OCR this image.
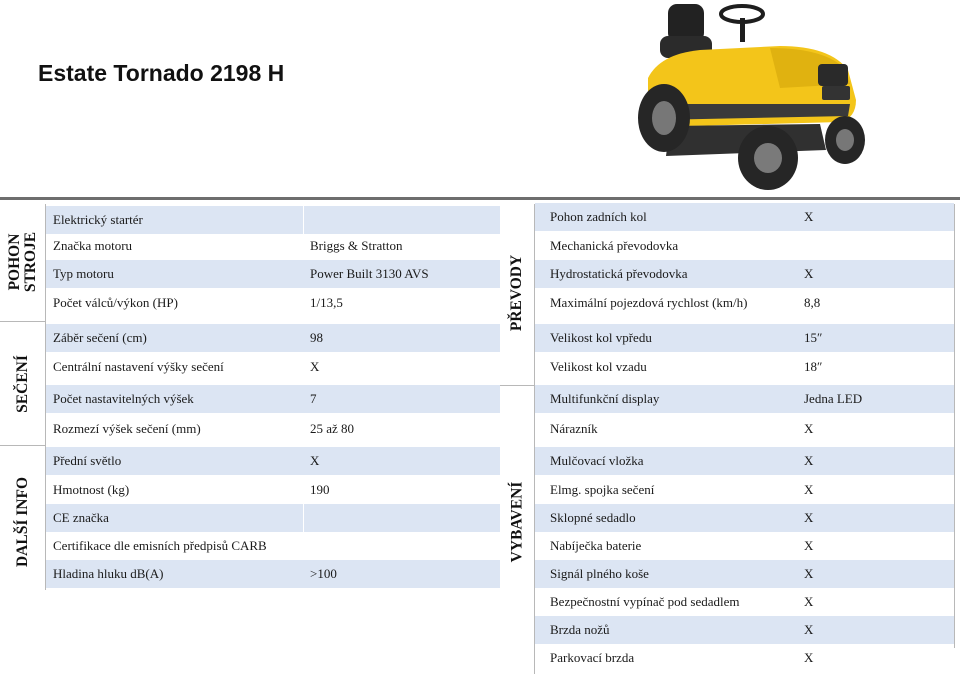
Estate Tornado 2198 H
POHON
STROJE
SEČENÍ
DALŠÍ INFO
PŘEVODY
VYBAVENÍ
Elektrický startér
Značka motoru	Briggs & Stratton
Typ motoru	Power Built 3130 AVS
Počet válců/výkon (HP)	1/13,5
Záběr sečení (cm)	98
Centrální nastavení výšky sečení	X
Počet nastavitelných výšek	7
Rozmezí výšek sečení (mm)	25 až 80
Přední světlo	X
Hmotnost (kg)	190
CE značka
Certifikace dle emisních předpisů CARB
Hladina hluku dB(A)	>100
Pohon zadních kol	X
Mechanická převodovka
Hydrostatická převodovka	X
Maximální pojezdová rychlost (km/h)	8,8
Velikost kol vpředu	15″
Velikost kol vzadu	18″
Multifunkční display	Jedna LED
Nárazník	X
Mulčovací vložka	X
Elmg. spojka sečení	X
Sklopné sedadlo	X
Nabíječka baterie	X
Signál plného koše	X
Bezpečnostní vypínač pod sedadlem	X
Brzda nožů	X
Parkovací brzda	X
